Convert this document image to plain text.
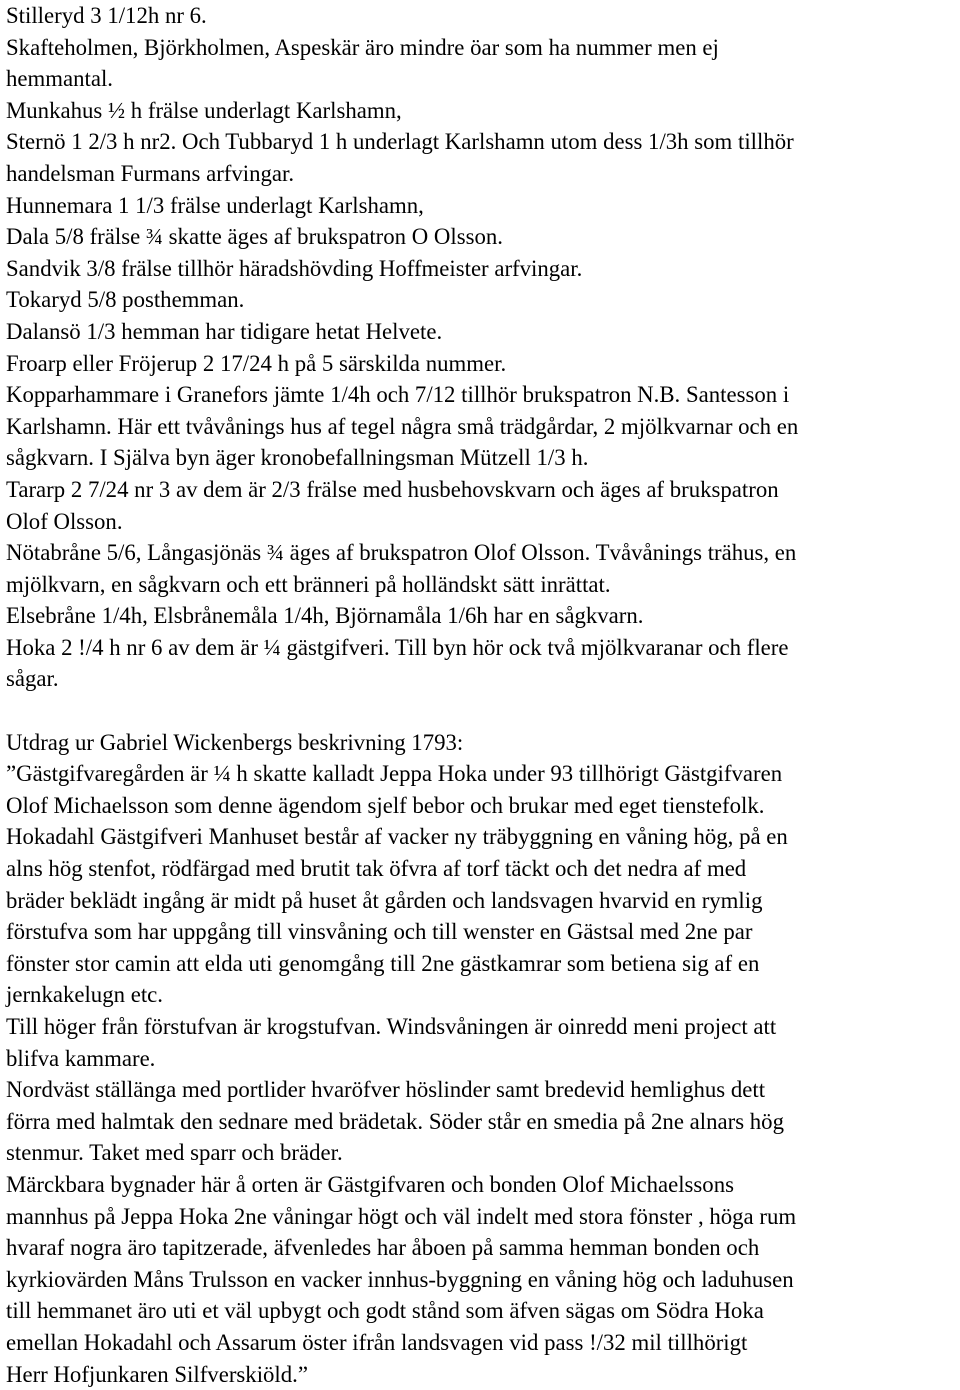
Stilleryd 3 1/12h nr 6.
Skafteholmen, Björkholmen, Aspeskär äro mindre öar som ha nummer men ej
hemmantal.
Munkahus ½ h frälse underlagt Karlshamn,
Sternö 1 2/3 h nr2. Och Tubbaryd 1 h underlagt Karlshamn utom dess 1/3h som tillhör
handelsman Furmans arfvingar.
Hunnemara 1 1/3 frälse underlagt Karlshamn,
Dala 5/8 frälse ¾ skatte äges af brukspatron O Olsson.
Sandvik 3/8 frälse tillhör häradshövding Hoffmeister arfvingar.
Tokaryd 5/8 posthemman.
Dalansö 1/3 hemman har tidigare hetat Helvete.
Froarp eller Fröjerup 2 17/24 h på 5 särskilda nummer.
Kopparhammare i Granefors jämte 1/4h och 7/12 tillhör brukspatron N.B. Santesson i
Karlshamn. Här ett tvåvånings hus af tegel några små trädgårdar, 2 mjölkvarnar och en
sågkvarn. I Själva byn äger kronobefallningsman Mützell 1/3 h.
Tararp 2 7/24 nr 3 av dem är 2/3 frälse med husbehovskvarn och äges af brukspatron
Olof Olsson.
Nötabråne 5/6, Långasjönäs ¾ äges af brukspatron Olof Olsson. Tvåvånings trähus, en
mjölkvarn, en sågkvarn och ett bränneri på holländskt sätt inrättat.
Elsebråne 1/4h, Elsbrånemåla 1/4h, Björnamåla 1/6h har en sågkvarn.
Hoka 2 !/4 h nr 6 av dem är ¼ gästgifveri. Till byn hör ock två mjölkvaranar och flere
sågar.
Utdrag ur Gabriel Wickenbergs beskrivning 1793:
”Gästgifvaregården är ¼ h skatte kalladt Jeppa Hoka under 93 tillhörigt Gästgifvaren
Olof Michaelsson som denne ägendom sjelf bebor och brukar med eget tienstefolk.
Hokadahl Gästgifveri Manhuset består af vacker ny träbyggning en våning hög, på en
alns hög stenfot, rödfärgad med brutit tak öfvra af torf täckt och det nedra af med
bräder beklädt ingång är midt på huset åt gården och landsvagen hvarvid en rymlig
förstufva som har uppgång till vinsvåning och till wenster en Gästsal med 2ne par
fönster stor camin att elda uti genomgång till 2ne gästkamrar som betiena sig af en
jernkakelugn etc.
Till höger från förstufvan är krogstufvan. Windsvåningen är oinredd meni project att
blifva kammare.
Nordväst ställänga med portlider hvaröfver höslinder samt bredevid hemlighus dett
förra med halmtak den sednare med brädetak. Söder står en smedia på 2ne alnars hög
stenmur. Taket med sparr och bräder.
Märckbara bygnader här å orten är Gästgifvaren och bonden Olof Michaelssons
mannhus på Jeppa Hoka 2ne våningar högt och väl indelt med stora fönster , höga rum
hvaraf nogra äro tapitzerade, äfvenledes har åboen på samma hemman bonden och
kyrkiovärden Måns Trulsson en vacker innhus-byggning en våning hög och laduhusen
till hemmanet äro uti et väl upbygt och godt stånd som äfven sägas om Södra Hoka
emellan Hokadahl och Assarum öster ifrån landsvagen vid pass !/32 mil tillhörigt
Herr Hofjunkaren Silfverskiöld.”
